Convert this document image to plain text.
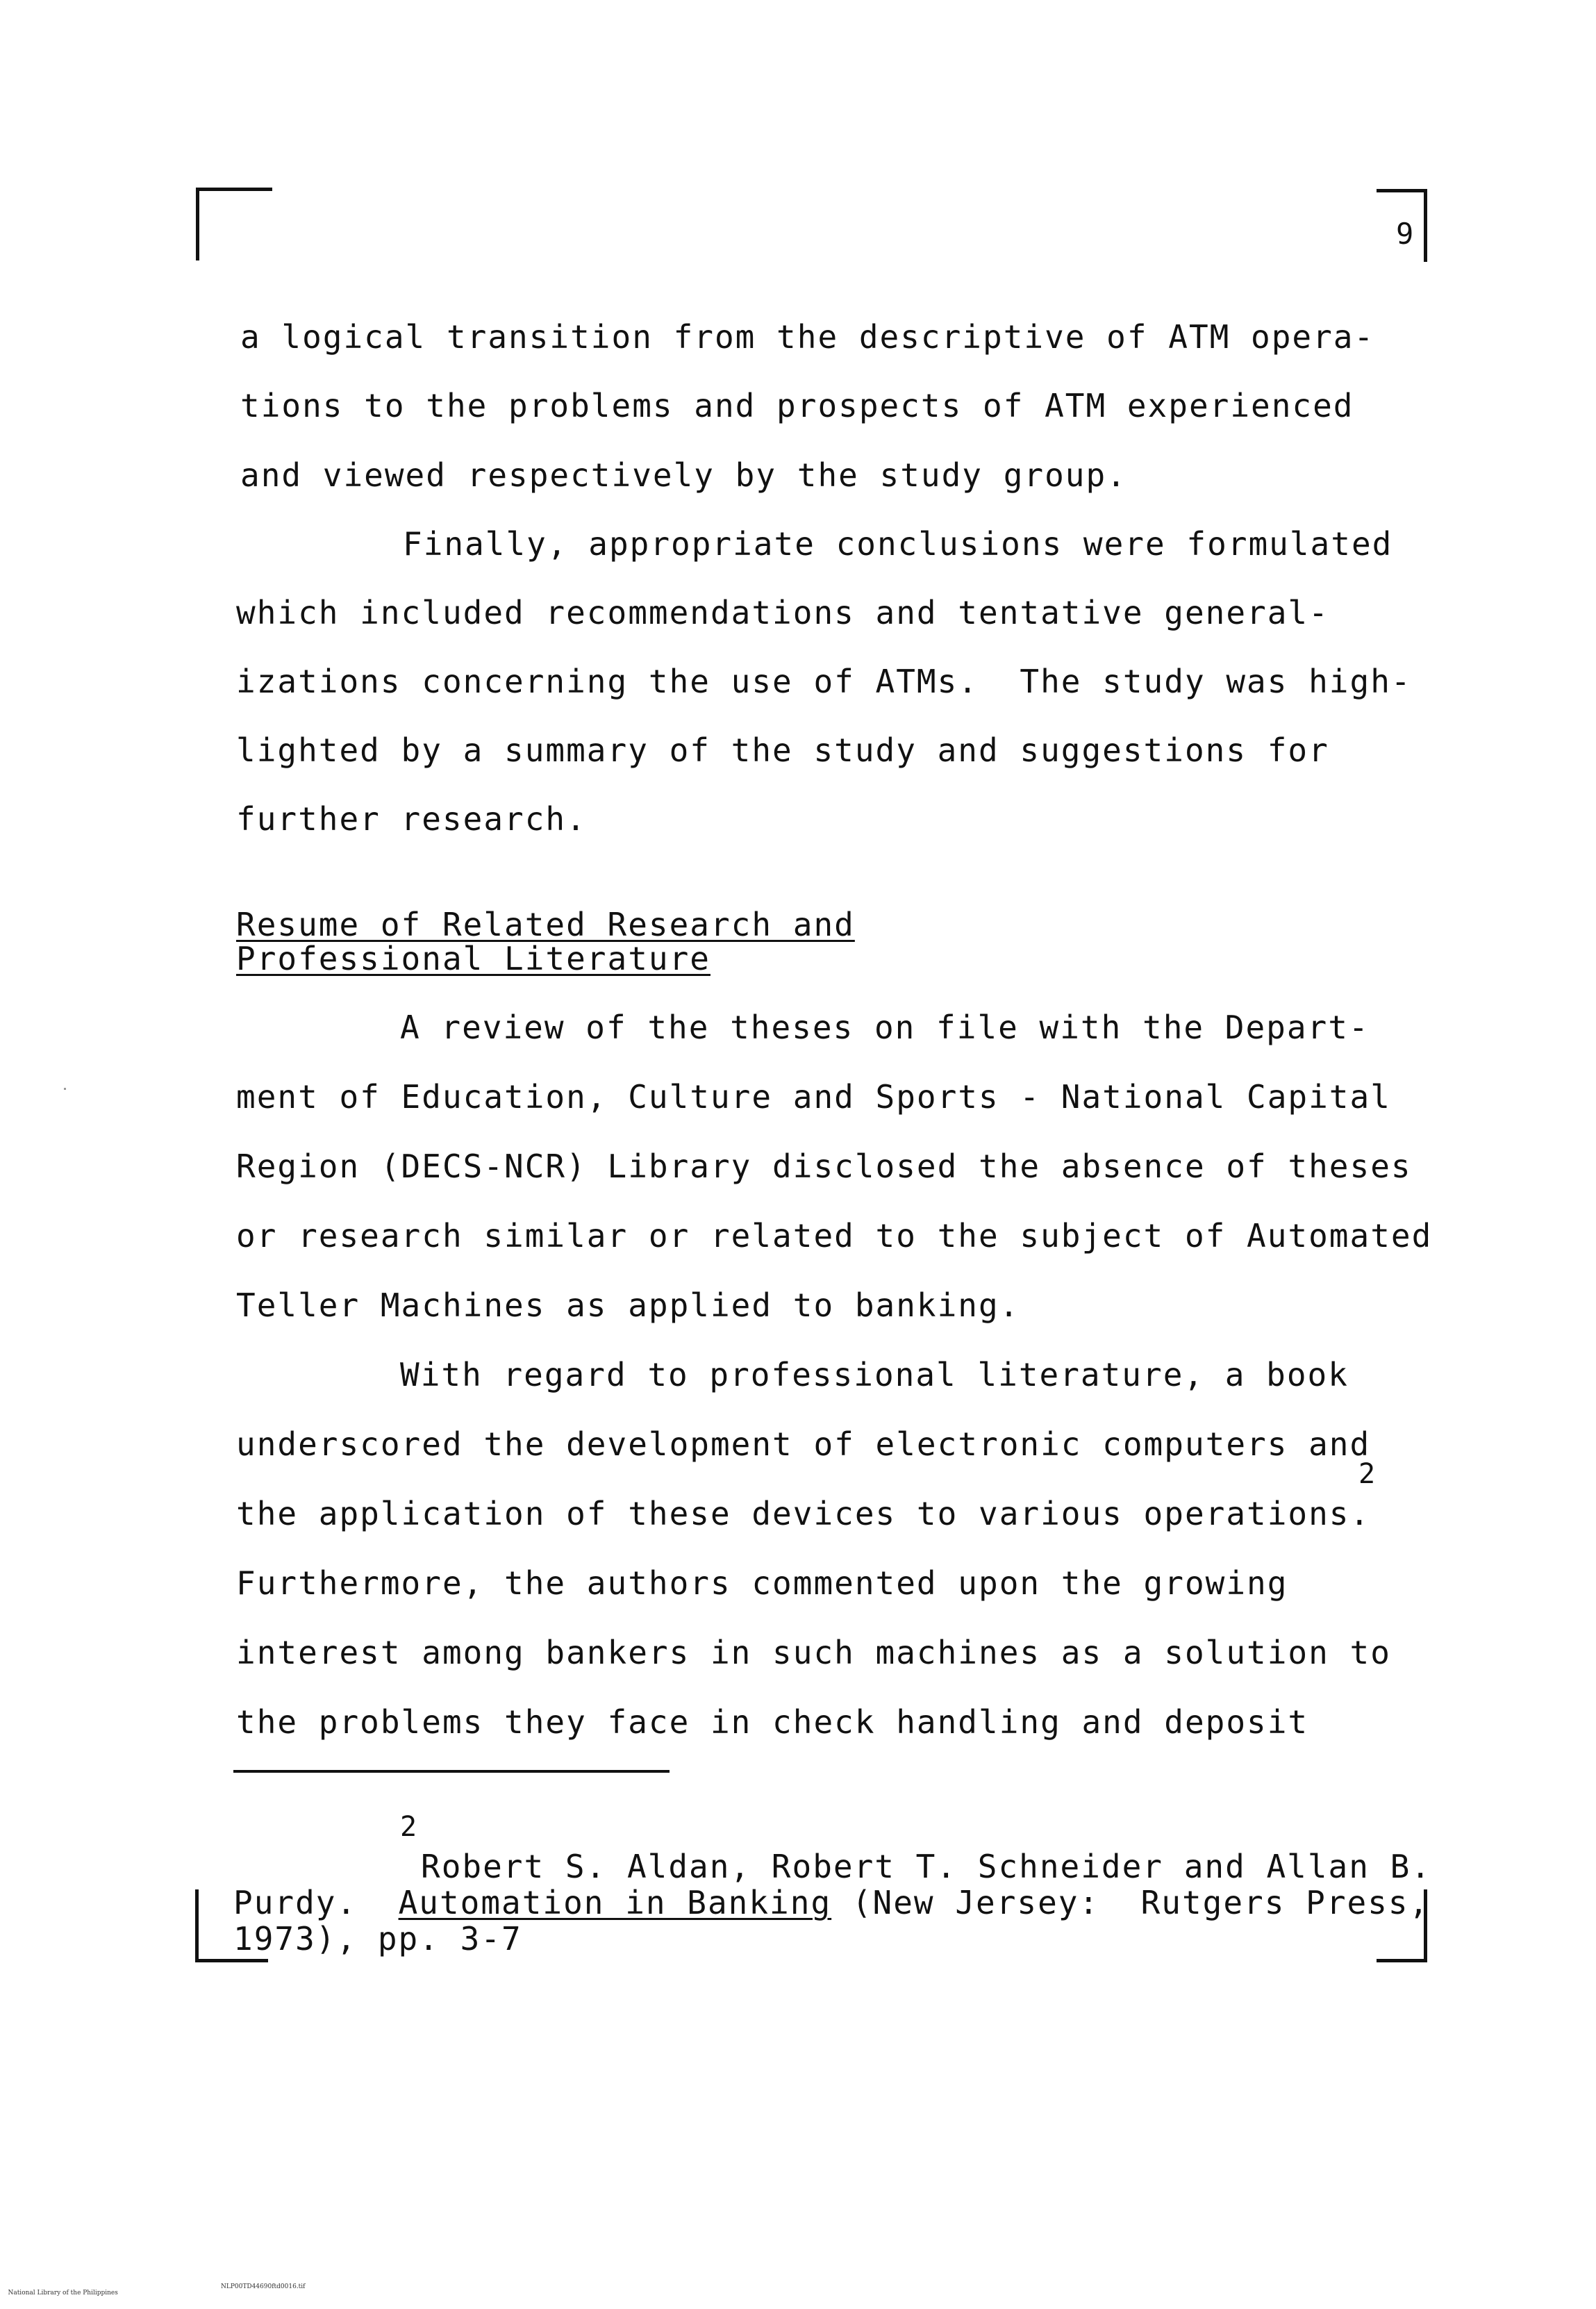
9
a logical transition from the descriptive of ATM opera-
tions to the problems and prospects of ATM experienced
and viewed respectively by the study group.
Finally, appropriate conclusions were formulated
which included recommendations and tentative general-
izations concerning the use of ATMs.  The study was high-
lighted by a summary of the study and suggestions for
further research.
Resume of Related Research and
Professional Literature
A review of the theses on file with the Depart-
ment of Education, Culture and Sports - National Capital
Region (DECS-NCR) Library disclosed the absence of theses
or research similar or related to the subject of Automated
Teller Machines as applied to banking.
With regard to professional literature, a book
underscored the development of electronic computers and
2
the application of these devices to various operations.
Furthermore, the authors commented upon the growing
interest among bankers in such machines as a solution to
the problems they face in check handling and deposit
2
Robert S. Aldan, Robert T. Schneider and Allan B.
Purdy.  Automation in Banking (New Jersey:  Rutgers Press,
1973), pp. 3-7

National Library of the Philippines

NLP00TD44690ftd0016.tif
